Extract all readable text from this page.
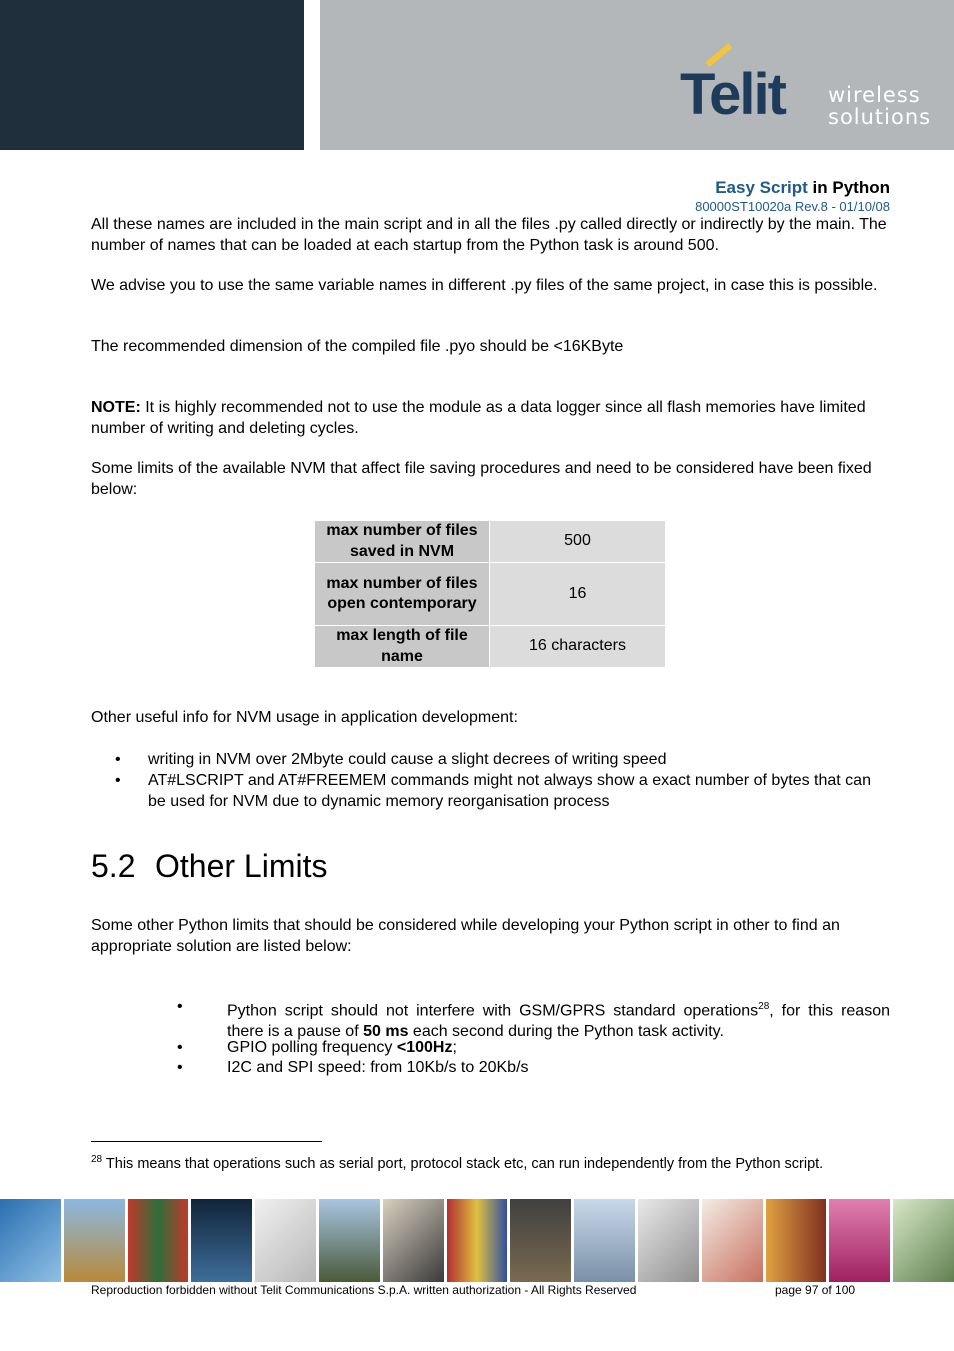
Telit wireless
solutions
Easy Script in Python
80000ST10020a Rev.8 - 01/10/08

All these names are included in the main script and in all the files .py called directly or indirectly by the main. The number of names that can be loaded at each startup from the Python task is around 500.

We advise you to use the same variable names in different .py files of the same project, in case this is possible.

The recommended dimension of the compiled file .pyo should be <16KByte

NOTE: It is highly recommended not to use the module as a data logger since all flash memories have limited number of writing and deleting cycles.

Some limits of the available NVM that affect file saving procedures and need to be considered have been fixed below:

max number of files saved in NVM	500
max number of files open contemporary	16
max length of file name	16 characters

Other useful info for NVM usage in application development:

• writing in NVM over 2Mbyte could cause a slight decrees of writing speed
• AT#LSCRIPT and AT#FREEMEM commands might not always show a exact number of bytes that can be used for NVM due to dynamic memory reorganisation process
5.2 Other Limits

Some other Python limits that should be considered while developing your Python script in other to find an appropriate solution are listed below:

•	Python script should not interfere with GSM/GPRS standard operations$^{28}$, for this reason there is a pause of 50 ms each second during the Python task activity.
•	GPIO polling frequency <100Hz;
•	I2C and SPI speed: from 10Kb/s to 20Kb/s
$^{28}$ This means that operations such as serial port, protocol stack etc, can run independently from the Python script.
Reproduction forbidden without Telit Communications S.p.A. written authorization - All Rights Reserved	page 97 of 100
